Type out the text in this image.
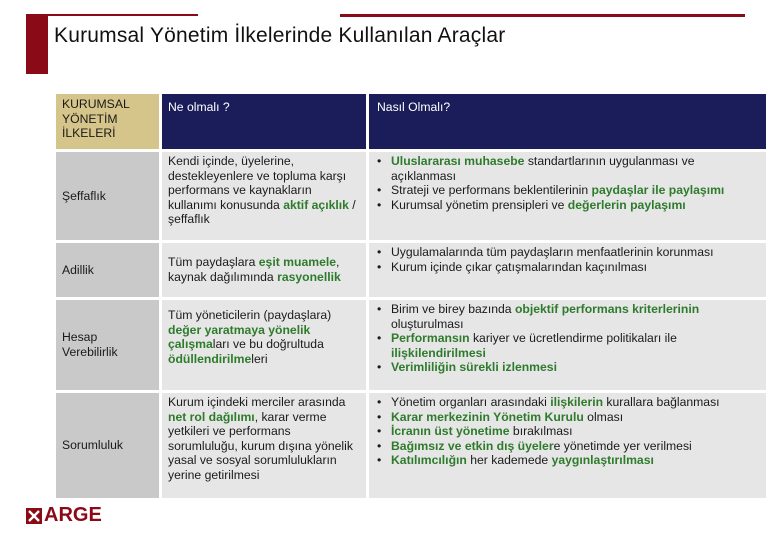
Kurumsal Yönetim İlkelerinde Kullanılan Araçlar
KURUMSAL YÖNETİM İLKELERİ
Ne olmalı ?	Nasıl Olmalı?
Şeffaflık
Kendi içinde, üyelerine, destekleyenlere ve topluma karşı performans ve kaynakların kullanımı konusunda aktif açıklık /şeffaflık
• Uluslararası muhasebe standartlarının uygulanması ve açıklanması
• Strateji ve performans beklentilerinin paydaşlar ile paylaşımı
• Kurumsal yönetim prensipleri ve değerlerin paylaşımı
Adillik
Tüm paydaşlara eşit muamele, kaynak dağılımında rasyonellik
• Uygulamalarında tüm paydaşların menfaatlerinin korunması
• Kurum içinde çıkar çatışmalarından kaçınılması
Hesap Verebilirlik
Tüm yöneticilerin (paydaşlara) değer yaratmaya yönelik çalışmaları ve bu doğrultuda ödüllendirilmeleri
• Birim ve birey bazında objektif performans kriterlerinin oluşturulması
• Performansın kariyer ve ücretlendirme politikaları ile ilişkilendirilmesi
• Verimliliğin sürekli izlenmesi
Sorumluluk
Kurum içindeki merciler arasında net rol dağılımı, karar verme yetkileri ve performans sorumluluğu, kurum dışına yönelik yasal ve sosyal sorumlulukların yerine getirilmesi
• Yönetim organları arasındaki ilişkilerin kurallara bağlanması
• Karar merkezinin Yönetim Kurulu olması
• İcranın üst yönetime bırakılması
• Bağımsız ve etkin dış üyelere yönetimde yer verilmesi
• Katılımcılığın her kademede yaygınlaştırılması
ARGE
